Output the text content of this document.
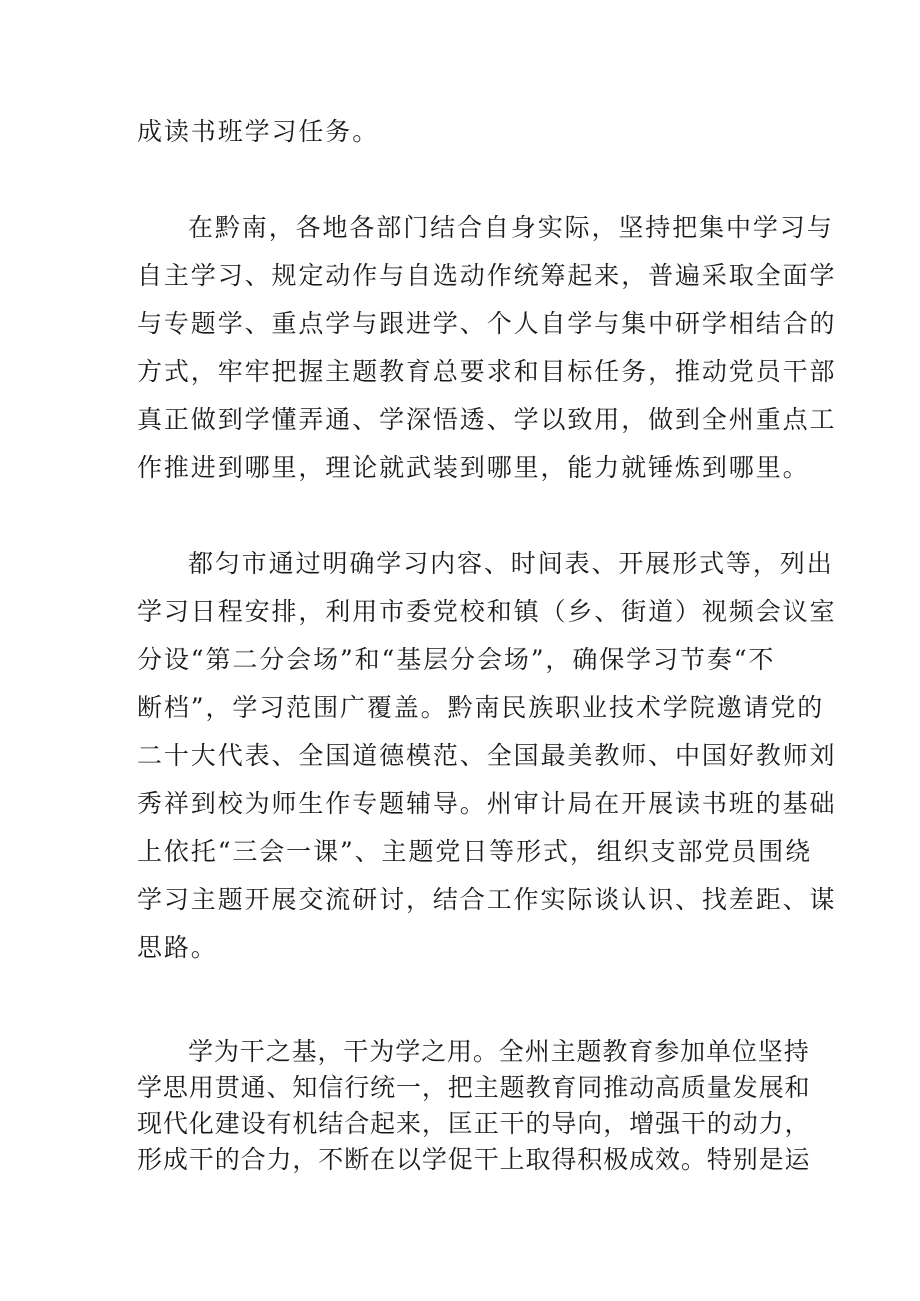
成读书班学习任务。
在黔南，各地各部门结合自身实际，坚持把集中学习与
自主学习、规定动作与自选动作统筹起来，普遍采取全面学
与专题学、重点学与跟进学、个人自学与集中研学相结合的
方式，牢牢把握主题教育总要求和目标任务，推动党员干部
真正做到学懂弄通、学深悟透、学以致用，做到全州重点工
作推进到哪里，理论就武装到哪里，能力就锤炼到哪里。
都匀市通过明确学习内容、时间表、开展形式等，列出
学习日程安排，利用市委党校和镇（乡、街道）视频会议室
分设“第二分会场”和“基层分会场”，确保学习节奏“不
断档”，学习范围广覆盖。黔南民族职业技术学院邀请党的
二十大代表、全国道德模范、全国最美教师、中国好教师刘
秀祥到校为师生作专题辅导。州审计局在开展读书班的基础
上依托“三会一课”、主题党日等形式，组织支部党员围绕
学习主题开展交流研讨，结合工作实际谈认识、找差距、谋
思路。
学为干之基，干为学之用。全州主题教育参加单位坚持
学思用贯通、知信行统一，把主题教育同推动高质量发展和
现代化建设有机结合起来，匡正干的导向，增强干的动力，
形成干的合力，不断在以学促干上取得积极成效。特别是运
